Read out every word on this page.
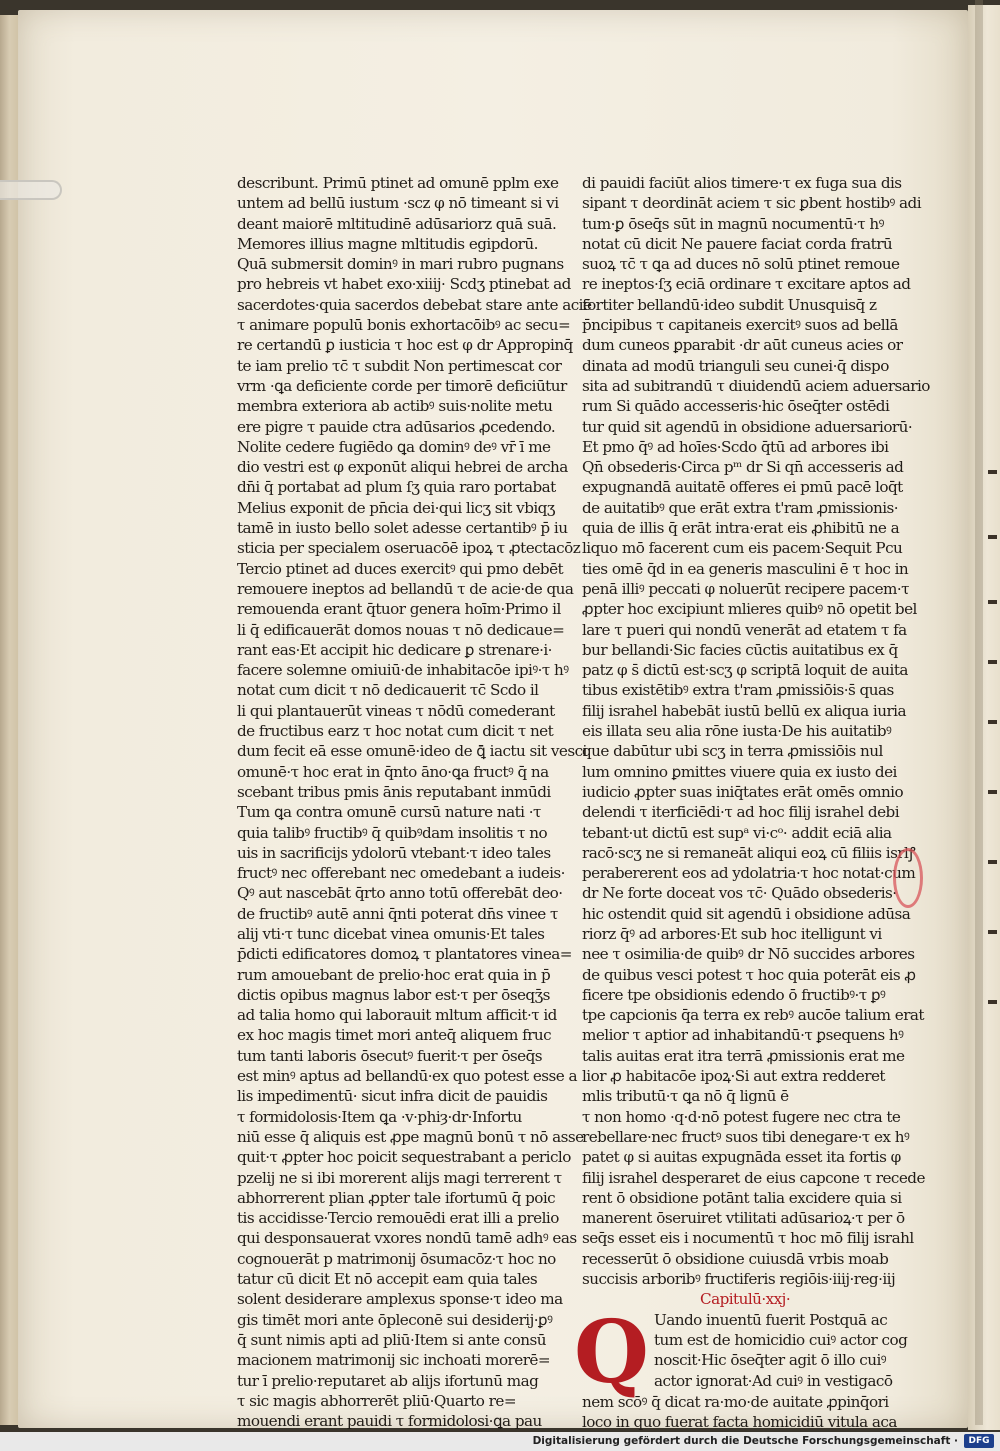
describunt. Primū ptinet ad omunē pplm exe
untem ad bellū iustum ·scz φ nō timeant si vi
deant maiorē mltitudinē adūsariorz quā suā.
Memores illius magne mltitudis egipdorū.
Quā submersit dominꝰ in mari rubro pugnans
pro hebreis vt habet exo·xiiij· Scdʒ ptinebat ad
sacerdotes·quia sacerdos debebat stare ante aciē
τ animare populū bonis exhortacōibꝰ ac secu=
re certandū ꝑ iusticia τ hoc est φ dr Appropinq̄
te iam prelio τc̄ τ subdit Non pertimescat cor
vrm ·ꝗa deficiente corde per timorē deficiūtur
membra exteriora ab actibꝰ suis·nolite metu
ere pigre τ pauide ctra adūsarios ꝓcedendo.
Nolite cedere fugiēdo ꝗa dominꝰ deꝰ vr̄ ī me
dio vestri est φ exponūt aliqui hebrei de archa
dn̄i q̄ portabat ad plum ſʒ quia raro portabat
Melius exponit de pn̄cia dei·qui licʒ sit vbiqʒ
tamē in iusto bello solet adesse certantibꝰ p̄ iu
sticia per specialem oseruacōē ipoꝝ τ ꝓtectacōz
Tercio ptinet ad duces exercitꝰ qui pmo debēt
remouere ineptos ad bellandū τ de acie·de qua
remouenda erant q̄tuor genera hoīm·Primo il
li q̄ edificauerāt domos nouas τ nō dedicaue=
rant eas·Et accipit hic dedicare ꝑ strenare·i·
facere solemne omiuiū·de inhabitacōe ipiꝰ·τ hꝰ
notat cum dicit τ nō dedicauerit τc̄ Scdo il
li qui plantauerūt vineas τ nōdū comederant
de fructibus earz τ hoc notat cum dicit τ net
dum fecit eā esse omunē·ideo de ꝗ̄ iactu sit vesci
omunē·τ hoc erat in q̄nto āno·ꝗa fructꝰ q̄ na
scebant tribus pmis ānis reputabant inmūdi
Tum ꝗa contra omunē cursū nature nati ·τ
quia talibꝰ fructibꝰ q̄ quibꝰdam insolitis τ no
uis in sacrificijs ydolorū vtebant·τ ideo tales
fructꝰ nec offerebant nec omedebant a iudeis·
Qꝰ aut nascebāt q̄rto anno totū offerebāt deo·
de fructibꝰ autē anni q̄nti poterat dn̄s vinee τ
alij vti·τ tunc dicebat vinea omunis·Et tales
p̄dicti edificatores domoꝝ τ plantatores vinea=
rum amouebant de prelio·hoc erat quia in p̄
dictis opibus magnus labor est·τ per ōseqʒ̄s
ad talia homo qui laborauit mltum afficit·τ id
ex hoc magis timet mori anteq̄ aliquem fruc
tum tanti laboris ōsecutꝰ fuerit·τ per ōseq̄s
est minꝰ aptus ad bellandū·ex quo potest esse a
lis impedimentū· sicut infra dicit de pauidis
τ formidolosis·Item ꝗa ·v·phiȝ·dr·Infortu
niū esse q̄ aliquis est ꝓpe magnū bonū τ nō asse
quit·τ ꝓpter hoc poicit sequestrabant a periclo
pzelij ne si ibi morerent alijs magi terrerent τ
abhorrerent plian ꝓpter tale ifortumū q̄ poic
tis accidisse·Tercio remouēdi erat illi a prelio
qui desponsauerat vxores nondū tamē adhꝰ eas
cognouerāt p matrimonij ōsumacōz·τ hoc no
tatur cū dicit Et nō accepit eam quia tales
solent desiderare amplexus sponse·τ ideo ma
gis timēt mori ante ōpleconē sui desiderij·ꝑꝰ
q̄ sunt nimis apti ad pliū·Item si ante consū
macionem matrimonij sic inchoati morerē=
tur ī prelio·reputaret ab alijs ifortunū mag
τ sic magis abhorrerēt pliū·Quarto re=
mouendi erant pauidi τ formidolosi·ꝗa pau
di pauidi faciūt alios timere·τ ex fuga sua dis
sipant τ deordināt aciem τ sic ꝑbent hostibꝰ adi
tum·ꝑ ōseq̄s sūt in magnū nocumentū·τ hꝰ
notat cū dicit Ne pauere faciat corda fratrū
suoꝝ τc̄ τ ꝗa ad duces nō solū ptinet remoue
re ineptos·ſʒ eciā ordinare τ excitare aptos ad
fortiter bellandū·ideo subdit Unusquisq̄ z
p̄ncipibus τ capitaneis exercitꝰ suos ad bellā
dum cuneos ꝑparabit ·dr aūt cuneus acies or
dinata ad modū trianguli seu cunei·q̄ dispo
sita ad subitrandū τ diuidendū aciem aduersario
rum Si quādo accesseris·hic ōseq̄ter ostēdi
tur quid sit agendū in obsidione aduersariorū·
Et pmo q̄ꝰ ad hoīes·Scdo q̄tū ad arbores ibi
Qn̄ obsederis·Circa pᵐ dr Si qn̄ accesseris ad
expugnandā auitatē offeres ei pmū pacē loq̄t
de auitatibꝰ que erāt extra t'ram ꝓmissionis·
quia de illis q̄ erāt intra·erat eis ꝓhibitū ne a
liquo mō facerent cum eis pacem·Sequit Pcu
ties omē q̄d in ea generis masculini ē τ hoc in
penā illiꝰ peccati φ noluerūt recipere pacem·τ
ꝓpter hoc excipiunt mlieres quibꝰ nō opetit bel
lare τ pueri qui nondū venerāt ad etatem τ fa
bur bellandi·Sic facies cūctis auitatibus ex q̄
patz φ s̄ dictū est·scʒ φ scriptā loquit de auita
tibus existētibꝰ extra t'ram ꝓmissiōis·s̄ quas
filij israhel habebāt iustū bellū ex aliqua iuria
eis illata seu alia rōne iusta·De his auitatibꝰ
que dabūtur ubi scʒ in terra ꝓmissiōis nul
lum omnino ꝑmittes viuere quia ex iusto dei
iudicio ꝓpter suas iniq̄tates erāt omēs omnio
delendi τ iterficiēdi·τ ad hoc filij israhel debi
tebant·ut dictū est supᵃ vi·cᵒ· addit eciā alia
racō·scʒ ne si remaneāt aliqui eoꝝ cū filiis isrlꝭ
perabererent eos ad ydolatria·τ hoc notat·cum
dr Ne forte doceat vos τc̄· Quādo obsederis·
hic ostendit quid sit agendū i obsidione adūsa
riorz q̄ꝰ ad arbores·Et sub hoc itelligunt vi
nee τ osimilia·de quibꝰ dr Nō succides arbores
de quibus vesci potest τ hoc quia poterāt eis ꝓ
ficere tpe obsidionis edendo ō fructibꝰ·τ ꝑꝰ
tpe capcionis q̄a terra ex rebꝰ aucōe talium erat
melior τ aptior ad inhabitandū·τ ꝑsequens hꝰ
talis auitas erat itra terrā ꝓmissionis erat me
lior ꝓ habitacōe ipoꝝ·Si aut extra redderet
mlis tributū·τ ꝗa nō q̄ lignū ē
τ non homo ·q·d·nō potest fugere nec ctra te
rebellare·nec fructꝰ suos tibi denegare·τ ex hꝰ
patet φ si auitas expugnāda esset ita fortis φ
filij israhel desperaret de eius capcone τ recede
rent ō obsidione potānt talia excidere quia si
manerent ōseruiret vtilitati adūsarioꝝ·τ per ō
seq̄s esset eis i nocumentū τ hoc mō filij israhl
recesserūt ō obsidione cuiusdā vrbis moab
succisis arboribꝰ fructiferis regiōis·iiij·reg·iij
Capitulū·xxj·
Q Uando inuentū fuerit Postquā ac
tum est de homicidio cuiꝰ actor cog
noscit·Hic ōseq̄ter agit ō illo cuiꝰ
actor ignorat·Ad cuiꝰ in vestigacō
nem scōꝰ q̄ dicat ra·mo·de auitate ꝓpinq̄ori
loco in quo fuerat facta homicidiū vitula aca
Digitalisierung gefördert durch die Deutsche Forschungsgemeinschaft ·	DFG
